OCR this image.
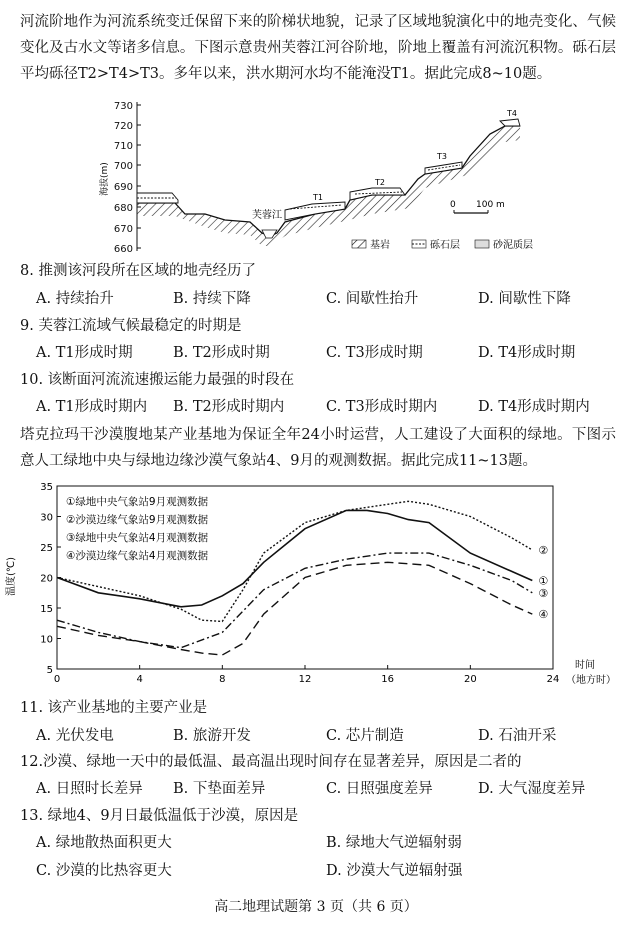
河流阶地作为河流系统变迁保留下来的阶梯状地貌，记录了区域地貌演化中的地壳变化、气候变化及古水文等诸多信息。下图示意贵州芙蓉江河谷阶地，阶地上覆盖有河流沉积物。砾石层平均砾径T2>T4>T3。多年以来，洪水期河水均不能淹没T1。据此完成8~10题。
730
720
710
700
690
680
670
660
海拔(m)
芙蓉江
T1
T2
T3
T4
0 100 m
基岩	砾石层	砂泥质层
8. 推测该河段所在区域的地壳经历了
A. 持续抬升	B. 持续下降	C. 间歇性抬升	D. 间歇性下降
9. 芙蓉江流域气候最稳定的时期是
A. T1形成时期	B. T2形成时期	C. T3形成时期	D. T4形成时期
10. 该断面河流流速搬运能力最强的时段在
A. T1形成时期内 B. T2形成时期内	C. T3形成时期内	D. T4形成时期内
塔克拉玛干沙漠腹地某产业基地为保证全年24小时运营，人工建设了大面积的绿地。下图示意人工绿地中央与绿地边缘沙漠气象站4、9月的观测数据。据此完成11~13题。
0	4	8	12	16	20	24
5
10
15
20
25
30
35
温度(℃)
时间
（地方时）
①绿地中央气象站9月观测数据
②沙漠边缘气象站9月观测数据
③绿地中央气象站4月观测数据
④沙漠边缘气象站4月观测数据
①
②
③
④
11. 该产业基地的主要产业是
A. 光伏发电	B. 旅游开发	C. 芯片制造	D. 石油开采
12.沙漠、绿地一天中的最低温、最高温出现时间存在显著差异，原因是二者的
A. 日照时长差异 B. 下垫面差异	C. 日照强度差异	D. 大气湿度差异
13. 绿地4、9月日最低温低于沙漠，原因是
A. 绿地散热面积更大	B. 绿地大气逆辐射弱
C. 沙漠的比热容更大	D. 沙漠大气逆辐射强
高二地理试题第 3 页（共 6 页）
